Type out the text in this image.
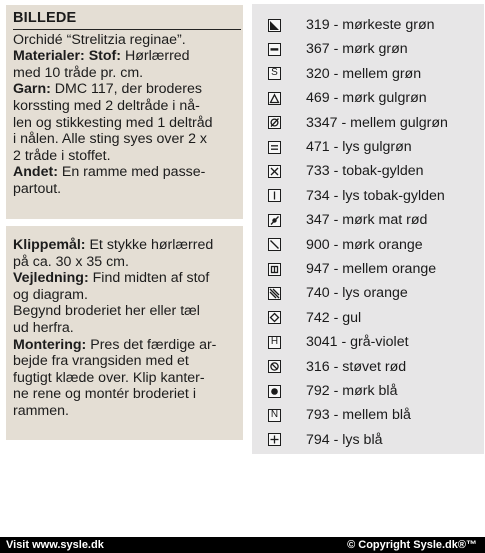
BILLEDE
Orchidé “Strelitzia reginae”.
Materialer: Stof: Hørlærred
med 10 tråde pr. cm.
Garn: DMC 117, der broderes
korssting med 2 deltråde i nå-
len og stikkesting med 1 deltråd
i nålen. Alle sting syes over 2 x
2 tråde i stoffet.
Andet: En ramme med passe-
partout.
Klippemål: Et stykke hørlærred
på ca. 30 x 35 cm.
Vejledning: Find midten af stof
og diagram.
Begynd broderiet her eller tæl
ud herfra.
Montering: Pres det færdige ar-
bejde fra vrangsiden med et
fugtigt klæde over. Klip kanter-
ne rene og montér broderiet i
rammen.
319 - mørkeste grøn
367 - mørk grøn
S 320 - mellem grøn
469 - mørk gulgrøn
3347 - mellem gulgrøn
471 - lys gulgrøn
733 - tobak-gylden
734 - lys tobak-gylden
347 - mørk mat rød
900 - mørk orange
947 - mellem orange
740 - lys orange
742 - gul
H 3041 - grå-violet
316 - støvet rød
792 - mørk blå
N 793 - mellem blå
794 - lys blå
Visit www.sysle.dk	© Copyright Sysle.dk®™
